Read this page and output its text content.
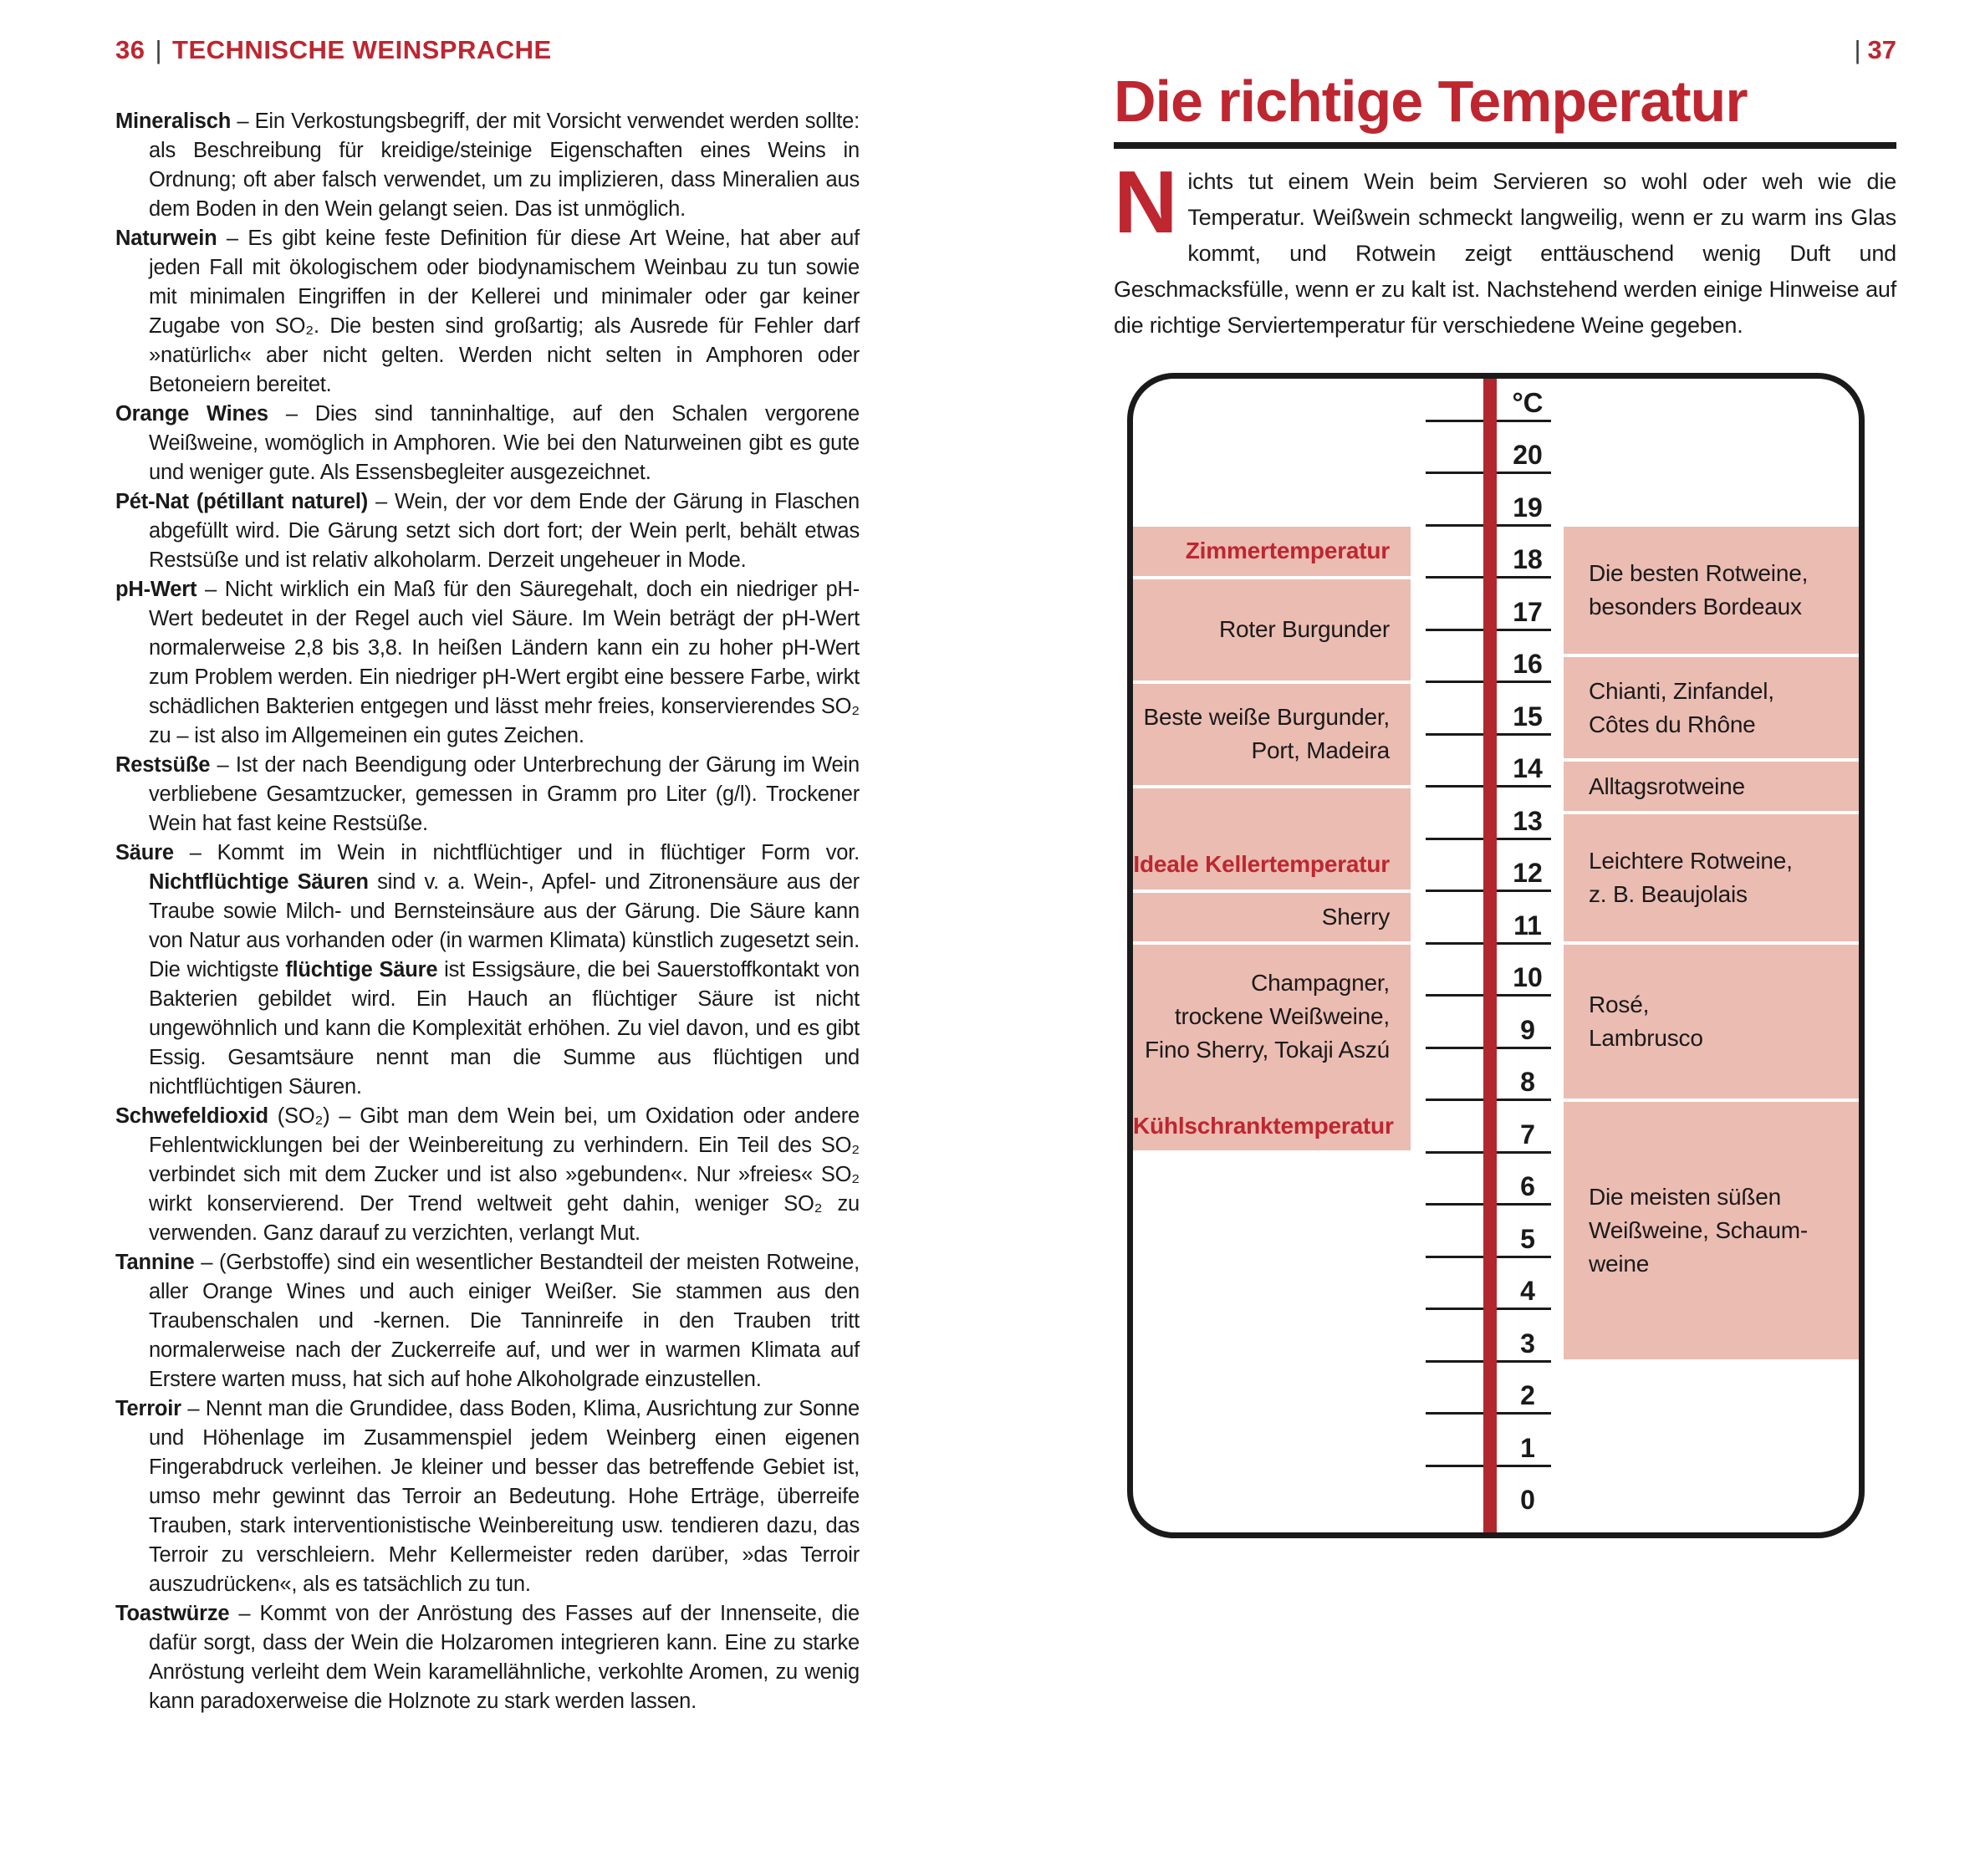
36 | TECHNISCHE WEINSPRACHE

Mineralisch – Ein Verkostungsbegriff, der mit Vorsicht verwendet werden sollte: als Beschreibung für kreidige/steinige Eigenschaften eines Weins in Ordnung; oft aber falsch verwendet, um zu implizieren, dass Mineralien aus dem Boden in den Wein gelangt seien. Das ist unmöglich.

Naturwein – Es gibt keine feste Definition für diese Art Weine, hat aber auf jeden Fall mit ökologischem oder biodynamischem Weinbau zu tun sowie mit minimalen Eingriffen in der Kellerei und minimaler oder gar keiner Zugabe von SO₂. Die besten sind großartig; als Ausrede für Fehler darf »natürlich« aber nicht gelten. Werden nicht selten in Amphoren oder Betoneiern bereitet.

Orange Wines – Dies sind tanninhaltige, auf den Schalen vergorene Weißweine, womöglich in Amphoren. Wie bei den Naturweinen gibt es gute und weniger gute. Als Essensbegleiter ausgezeichnet.

Pét-Nat (pétillant naturel) – Wein, der vor dem Ende der Gärung in Flaschen abgefüllt wird. Die Gärung setzt sich dort fort; der Wein perlt, behält etwas Restsüße und ist relativ alkoholarm. Derzeit ungeheuer in Mode.

pH-Wert – Nicht wirklich ein Maß für den Säuregehalt, doch ein niedriger pH-Wert bedeutet in der Regel auch viel Säure. Im Wein beträgt der pH-Wert normalerweise 2,8 bis 3,8. In heißen Ländern kann ein zu hoher pH-Wert zum Problem werden. Ein niedriger pH-Wert ergibt eine bessere Farbe, wirkt schädlichen Bakterien entgegen und lässt mehr freies, konservierendes SO₂ zu – ist also im Allgemeinen ein gutes Zeichen.

Restsüße – Ist der nach Beendigung oder Unterbrechung der Gärung im Wein verbliebene Gesamtzucker, gemessen in Gramm pro Liter (g/l). Trockener Wein hat fast keine Restsüße.

Säure – Kommt im Wein in nichtflüchtiger und in flüchtiger Form vor. Nichtflüchtige Säuren sind v. a. Wein-, Apfel- und Zitronensäure aus der Traube sowie Milch- und Bernsteinsäure aus der Gärung. Die Säure kann von Natur aus vorhanden oder (in warmen Klimata) künstlich zugesetzt sein. Die wichtigste flüchtige Säure ist Essigsäure, die bei Sauerstoffkontakt von Bakterien gebildet wird. Ein Hauch an flüchtiger Säure ist nicht ungewöhnlich und kann die Komplexität erhöhen. Zu viel davon, und es gibt Essig. Gesamtsäure nennt man die Summe aus flüchtigen und nichtflüchtigen Säuren.

Schwefeldioxid (SO₂) – Gibt man dem Wein bei, um Oxidation oder andere Fehlentwicklungen bei der Weinbereitung zu verhindern. Ein Teil des SO₂ verbindet sich mit dem Zucker und ist also »gebunden«. Nur »freies« SO₂ wirkt konservierend. Der Trend weltweit geht dahin, weniger SO₂ zu verwenden. Ganz darauf zu verzichten, verlangt Mut.

Tannine – (Gerbstoffe) sind ein wesentlicher Bestandteil der meisten Rotweine, aller Orange Wines und auch einiger Weißer. Sie stammen aus den Traubenschalen und -kernen. Die Tanninreife in den Trauben tritt normalerweise nach der Zuckerreife auf, und wer in warmen Klimata auf Erstere warten muss, hat sich auf hohe Alkoholgrade einzustellen.

Terroir – Nennt man die Grundidee, dass Boden, Klima, Ausrichtung zur Sonne und Höhenlage im Zusammenspiel jedem Weinberg einen eigenen Fingerabdruck verleihen. Je kleiner und besser das betreffende Gebiet ist, umso mehr gewinnt das Terroir an Bedeutung. Hohe Erträge, überreife Trauben, stark interventionistische Weinbereitung usw. tendieren dazu, das Terroir zu verschleiern. Mehr Kellermeister reden darüber, »das Terroir auszudrücken«, als es tatsächlich zu tun.

Toastwürze – Kommt von der Anröstung des Fasses auf der Innenseite, die dafür sorgt, dass der Wein die Holzaromen integrieren kann. Eine zu starke Anröstung verleiht dem Wein karamellähnliche, verkohlte Aromen, zu wenig kann paradoxerweise die Holznote zu stark werden lassen.

| 37
Die richtige Temperatur
Nichts tut einem Wein beim Servieren so wohl oder weh wie die Temperatur. Weißwein schmeckt langweilig, wenn er zu warm ins Glas kommt, und Rotwein zeigt enttäuschend wenig Duft und Geschmacksfülle, wenn er zu kalt ist. Nachstehend werden einige Hinweise auf die richtige Serviertemperatur für verschiedene Weine gegeben.
°C
20
19
18
17
16
15
14
13
12
11
10
9
8
7
6
5
4
3
2
1
0
Zimmertemperatur
Roter Burgunder
Beste weiße Burgunder,
Port, Madeira
Ideale Kellertemperatur
Sherry
Champagner,
trockene Weißweine,
Fino Sherry, Tokaji Aszú
Kühlschranktemperatur
Die besten Rotweine,
besonders Bordeaux
Chianti, Zinfandel,
Côtes du Rhône
Alltagsrotweine
Leichtere Rotweine,
z. B. Beaujolais
Rosé,
Lambrusco
Die meisten süßen
Weißweine, Schaum-
weine
